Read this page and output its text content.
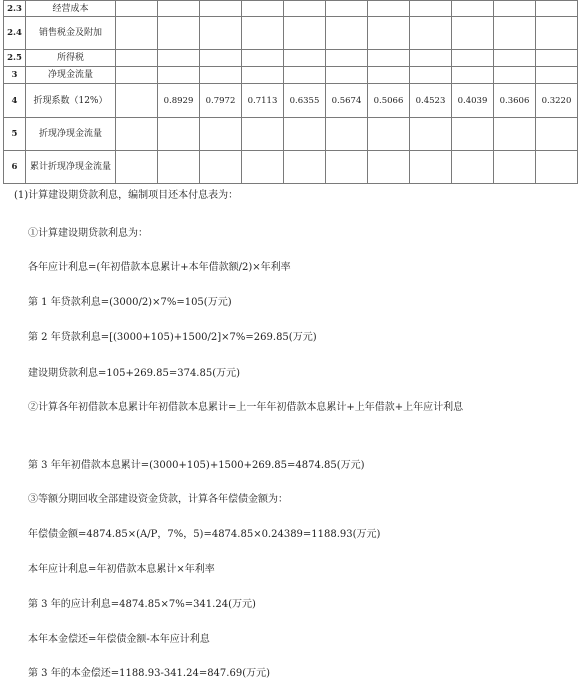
2.3	经营成本											
2.4	销售税金及附加											
2.5	所得税											
3	净现金流量											
4	折现系数（12%）		0.8929	0.7972	0.7113	0.6355	0.5674	0.5066	0.4523	0.4039	0.3606	0.3220
5	折现净现金流量											
6	累计折现净现金流量											
(1)计算建设期贷款利息，编制项目还本付息表为：
①计算建设期贷款利息为：
各年应计利息=(年初借款本息累计+本年借款额/2)×年利率
第 1 年贷款利息=(3000/2)×7%=105(万元)
第 2 年贷款利息=[(3000+105)+1500/2]×7%=269.85(万元)
建设期贷款利息=105+269.85=374.85(万元)
②计算各年初借款本息累计年初借款本息累计=上一年年初借款本息累计+上年借款+上年应计利息
第 3 年年初借款本息累计=(3000+105)+1500+269.85=4874.85(万元)
③等额分期回收全部建设资金贷款，计算各年偿债金额为：
年偿债金额=4874.85×(A/P，7%，5)=4874.85×0.24389=1188.93(万元)
本年应计利息=年初借款本息累计×年利率
第 3 年的应计利息=4874.85×7%=341.24(万元)
本年本金偿还=年偿债金额-本年应计利息
第 3 年的本金偿还=1188.93-341.24=847.69(万元)
